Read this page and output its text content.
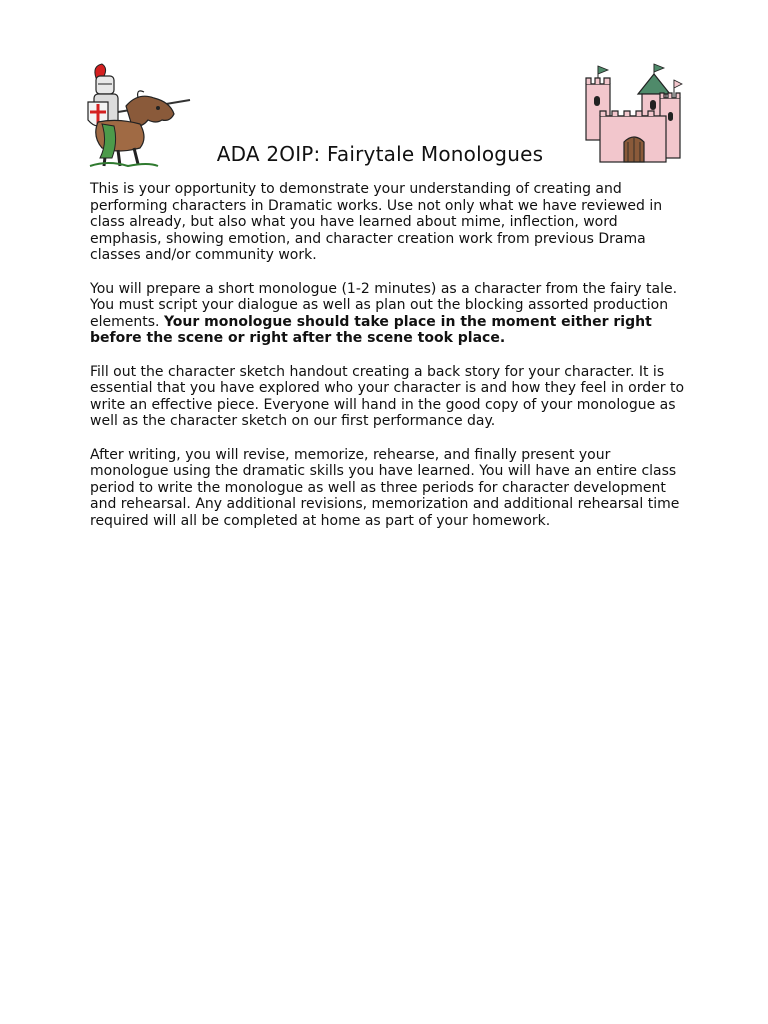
ADA 2OIP: Fairytale Monologues

This is your opportunity to demonstrate your understanding of creating and performing characters in Dramatic works. Use not only what we have reviewed in class already, but also what you have learned about mime, inflection, word emphasis, showing emotion, and character creation work from previous Drama classes and/or community work.

You will prepare a short monologue (1-2 minutes) as a character from the fairy tale. You must script your dialogue as well as plan out the blocking assorted production elements. Your monologue should take place in the moment either right before the scene or right after the scene took place.

Fill out the character sketch handout creating a back story for your character. It is essential that you have explored who your character is and how they feel in order to write an effective piece. Everyone will hand in the good copy of your monologue as well as the character sketch on our first performance day.

After writing, you will revise, memorize, rehearse, and finally present your monologue using the dramatic skills you have learned. You will have an entire class period to write the monologue as well as three periods for character development and rehearsal. Any additional revisions, memorization and additional rehearsal time required will all be completed at home as part of your homework.
